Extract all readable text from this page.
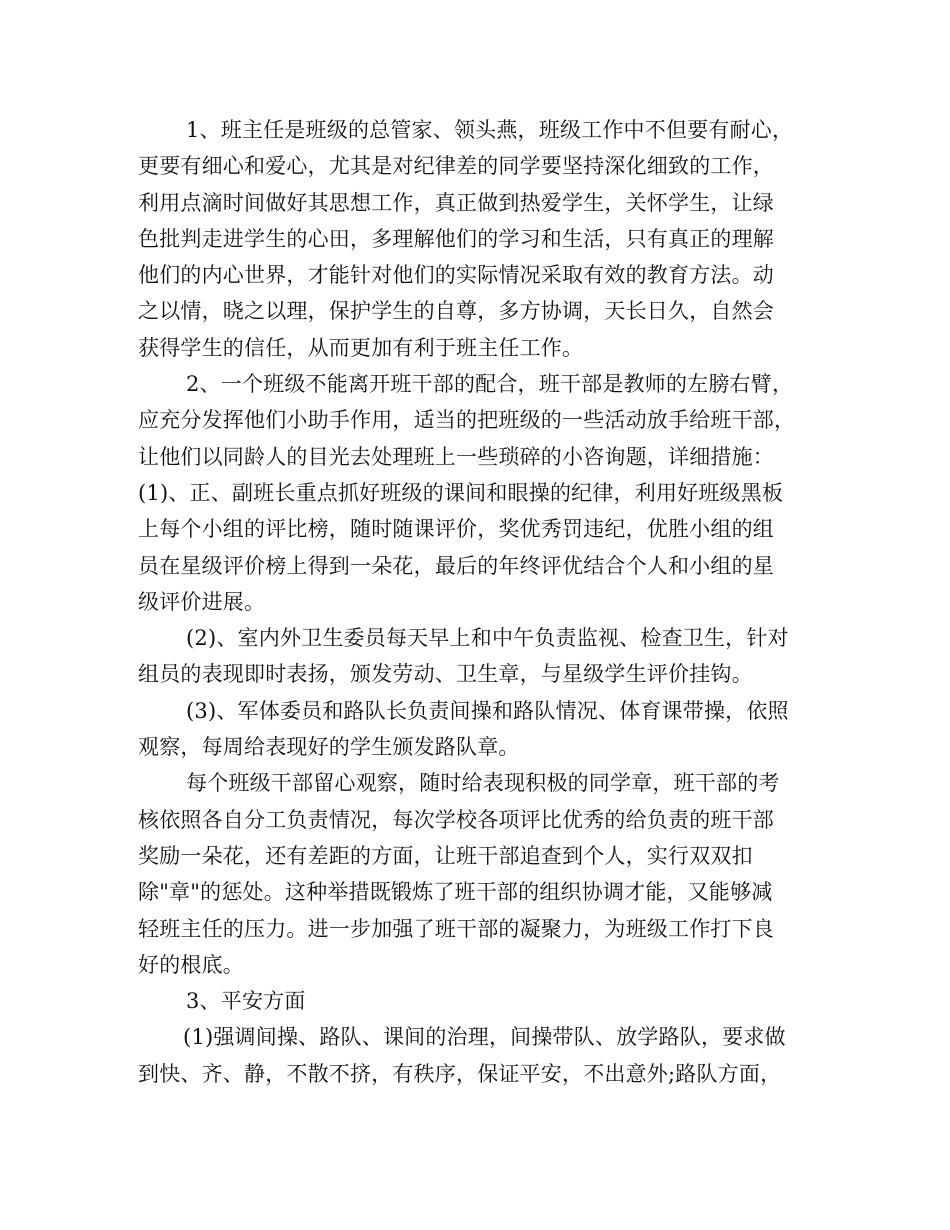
1、班主任是班级的总管家、领头燕，班级工作中不但要有耐心，
更要有细心和爱心，尤其是对纪律差的同学要坚持深化细致的工作，
利用点滴时间做好其思想工作，真正做到热爱学生，关怀学生，让绿
色批判走进学生的心田，多理解他们的学习和生活，只有真正的理解
他们的内心世界，才能针对他们的实际情况采取有效的教育方法。动
之以情，晓之以理，保护学生的自尊，多方协调，天长日久，自然会
获得学生的信任，从而更加有利于班主任工作。
2、一个班级不能离开班干部的配合，班干部是教师的左膀右臂，
应充分发挥他们小助手作用，适当的把班级的一些活动放手给班干部，
让他们以同龄人的目光去处理班上一些琐碎的小咨询题，详细措施：
(1)、正、副班长重点抓好班级的课间和眼操的纪律，利用好班级黑板
上每个小组的评比榜，随时随课评价，奖优秀罚违纪，优胜小组的组
员在星级评价榜上得到一朵花，最后的年终评优结合个人和小组的星
级评价进展。
(2)、室内外卫生委员每天早上和中午负责监视、检查卫生，针对
组员的表现即时表扬，颁发劳动、卫生章，与星级学生评价挂钩。
(3)、军体委员和路队长负责间操和路队情况、体育课带操，依照
观察，每周给表现好的学生颁发路队章。
每个班级干部留心观察，随时给表现积极的同学章，班干部的考
核依照各自分工负责情况，每次学校各项评比优秀的给负责的班干部
奖励一朵花，还有差距的方面，让班干部追查到个人，实行双双扣
除"章"的惩处。这种举措既锻炼了班干部的组织协调才能，又能够减
轻班主任的压力。进一步加强了班干部的凝聚力，为班级工作打下良
好的根底。
3、平安方面
(1)强调间操、路队、课间的治理，间操带队、放学路队，要求做
到快、齐、静，不散不挤，有秩序，保证平安，不出意外;路队方面，
